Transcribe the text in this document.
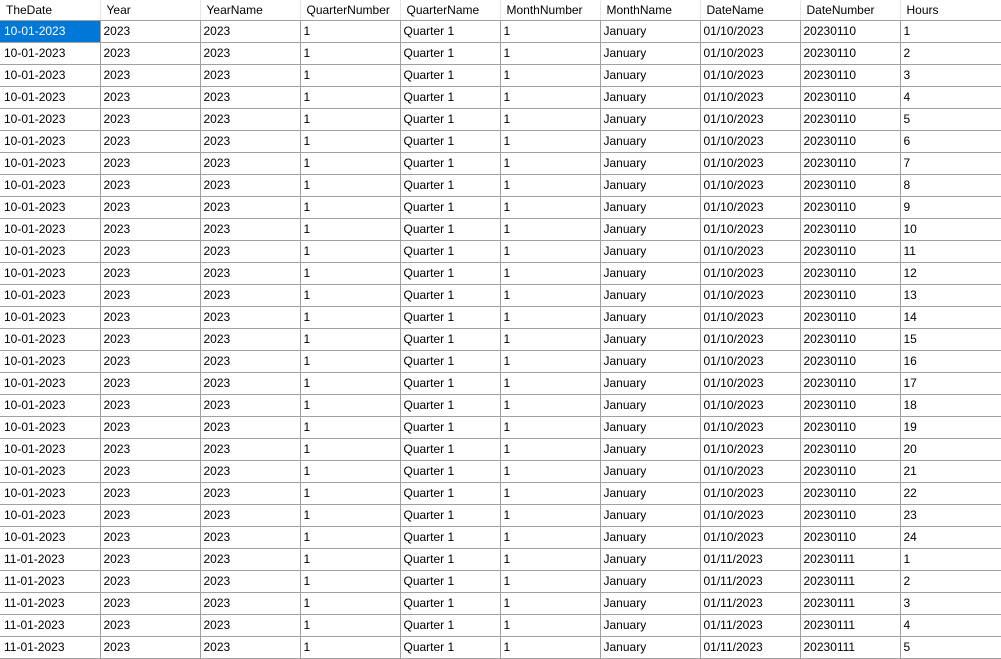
TheDate	Year	YearName	QuarterNumber	QuarterName	MonthNumber	MonthName	DateName	DateNumber	Hours
10-01-2023	2023	2023	1	Quarter 1	1	January	01/10/2023	20230110	1
10-01-2023	2023	2023	1	Quarter 1	1	January	01/10/2023	20230110	2
10-01-2023	2023	2023	1	Quarter 1	1	January	01/10/2023	20230110	3
10-01-2023	2023	2023	1	Quarter 1	1	January	01/10/2023	20230110	4
10-01-2023	2023	2023	1	Quarter 1	1	January	01/10/2023	20230110	5
10-01-2023	2023	2023	1	Quarter 1	1	January	01/10/2023	20230110	6
10-01-2023	2023	2023	1	Quarter 1	1	January	01/10/2023	20230110	7
10-01-2023	2023	2023	1	Quarter 1	1	January	01/10/2023	20230110	8
10-01-2023	2023	2023	1	Quarter 1	1	January	01/10/2023	20230110	9
10-01-2023	2023	2023	1	Quarter 1	1	January	01/10/2023	20230110	10
10-01-2023	2023	2023	1	Quarter 1	1	January	01/10/2023	20230110	11
10-01-2023	2023	2023	1	Quarter 1	1	January	01/10/2023	20230110	12
10-01-2023	2023	2023	1	Quarter 1	1	January	01/10/2023	20230110	13
10-01-2023	2023	2023	1	Quarter 1	1	January	01/10/2023	20230110	14
10-01-2023	2023	2023	1	Quarter 1	1	January	01/10/2023	20230110	15
10-01-2023	2023	2023	1	Quarter 1	1	January	01/10/2023	20230110	16
10-01-2023	2023	2023	1	Quarter 1	1	January	01/10/2023	20230110	17
10-01-2023	2023	2023	1	Quarter 1	1	January	01/10/2023	20230110	18
10-01-2023	2023	2023	1	Quarter 1	1	January	01/10/2023	20230110	19
10-01-2023	2023	2023	1	Quarter 1	1	January	01/10/2023	20230110	20
10-01-2023	2023	2023	1	Quarter 1	1	January	01/10/2023	20230110	21
10-01-2023	2023	2023	1	Quarter 1	1	January	01/10/2023	20230110	22
10-01-2023	2023	2023	1	Quarter 1	1	January	01/10/2023	20230110	23
10-01-2023	2023	2023	1	Quarter 1	1	January	01/10/2023	20230110	24
11-01-2023	2023	2023	1	Quarter 1	1	January	01/11/2023	20230111	1
11-01-2023	2023	2023	1	Quarter 1	1	January	01/11/2023	20230111	2
11-01-2023	2023	2023	1	Quarter 1	1	January	01/11/2023	20230111	3
11-01-2023	2023	2023	1	Quarter 1	1	January	01/11/2023	20230111	4
11-01-2023	2023	2023	1	Quarter 1	1	January	01/11/2023	20230111	5
